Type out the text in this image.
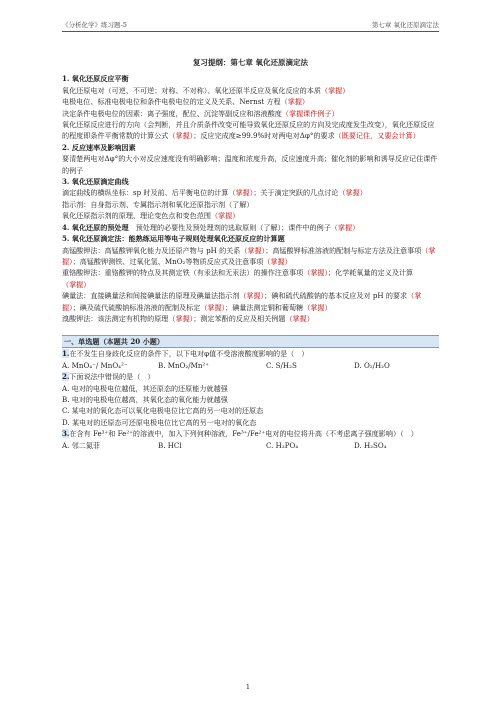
《分析化学》练习题-5	第七章 氧化还原滴定法

复习提纲：第七章 氧化还原滴定法

1. 氧化还原反应平衡

氧化还原电对（可逆、不可逆；对称、不对称）、氧化还原半反应及氧化反应的本质（掌握）

电极电位、标准电极电位和条件电极电位的定义及关系、Nernst 方程（掌握）

决定条件电极电位的因素：离子强度，配位、沉淀等副反应和溶液酸度（掌握课件例子）

氧化还原反应进行的方向（会判断，并且介质条件改变可能导致氧化还原反应的方向及完成度发生改变），氧化还原反应的程度即条件平衡常数的计算公式（掌握）；反应完成度≥99.9%时对两电对Δφ°的要求（既要记住，又要会计算）

2. 反应速率及影响因素

要清楚两电对Δφ°的大小对反应速度没有明确影响；温度和浓度升高，反应速度升高；催化剂的影响和诱导反应记住课件的例子

3. 氧化还原滴定曲线

滴定曲线的横纵坐标：sp 时及前、后平衡电位的计算（掌握）；关于滴定突跃的几点讨论（掌握）

指示剂：自身指示剂、专属指示剂和氧化还原指示剂（了解）

氧化还原指示剂的原理、理论变色点和变色范围（掌握）

4. 氧化还原的预处理　预处理的必要性及预处理剂的选取原则（了解）；课件中的例子（掌握）

5. 氧化还原滴定法：能熟练运用等电子规则处理氧化还原反应的计算题

高锰酸钾法：高锰酸钾氧化能力及还原产物与 pH 的关系（掌握）；高锰酸钾标准溶液的配制与标定方法及注意事项（掌握）；高锰酸钾测铁、过氧化氢、MnO₂等物质反应式及注意事项（掌握）

重铬酸钾法：重铬酸钾的特点及其测定铁（有汞法和无汞法）的操作注意事项（掌握）；化学耗氧量的定义及计算（掌握）

碘量法：直接碘量法和间接碘量法的原理及碘量法指示剂（掌握）；碘和硫代硫酸钠的基本反应及对 pH 的要求（掌握）；碘及硫代硫酸钠标准溶液的配制及标定（掌握）；碘量法测定铜和葡萄糖（掌握）

溴酸钾法：该法测定有机物的原理（掌握）；测定苯酚的反应及相关例题（掌握）

一、单选题（本题共 20 小题）

1.在不发生自身歧化反应的条件下，以下电对φ值不受溶液酸度影响的是（　）

A. MnO₄⁻/ MnO₄²⁻	B. MnO₂/Mn²⁺	C. S/H₂S	D. O₂/H₂O

2.下面说法中错误的是（　）

A. 电对的电极电位越低，其还原态的还原能力就越强

B. 电对的电极电位越高，其氧化态的氧化能力就越强

C. 某电对的氧化态可以氧化电极电位比它高的另一电对的还原态

D. 某电对的还原态可还原电极电位比它高的另一电对的氧化态

3.在含有 Fe³⁺和 Fe²⁺的溶液中，加入下列何种溶液，Fe³⁺/Fe²⁺电对的电位将升高（不考虑离子强度影响）（　）

A. 邻二氮菲	B. HCl	C. H₃PO₄	D. H₂SO₄

1
